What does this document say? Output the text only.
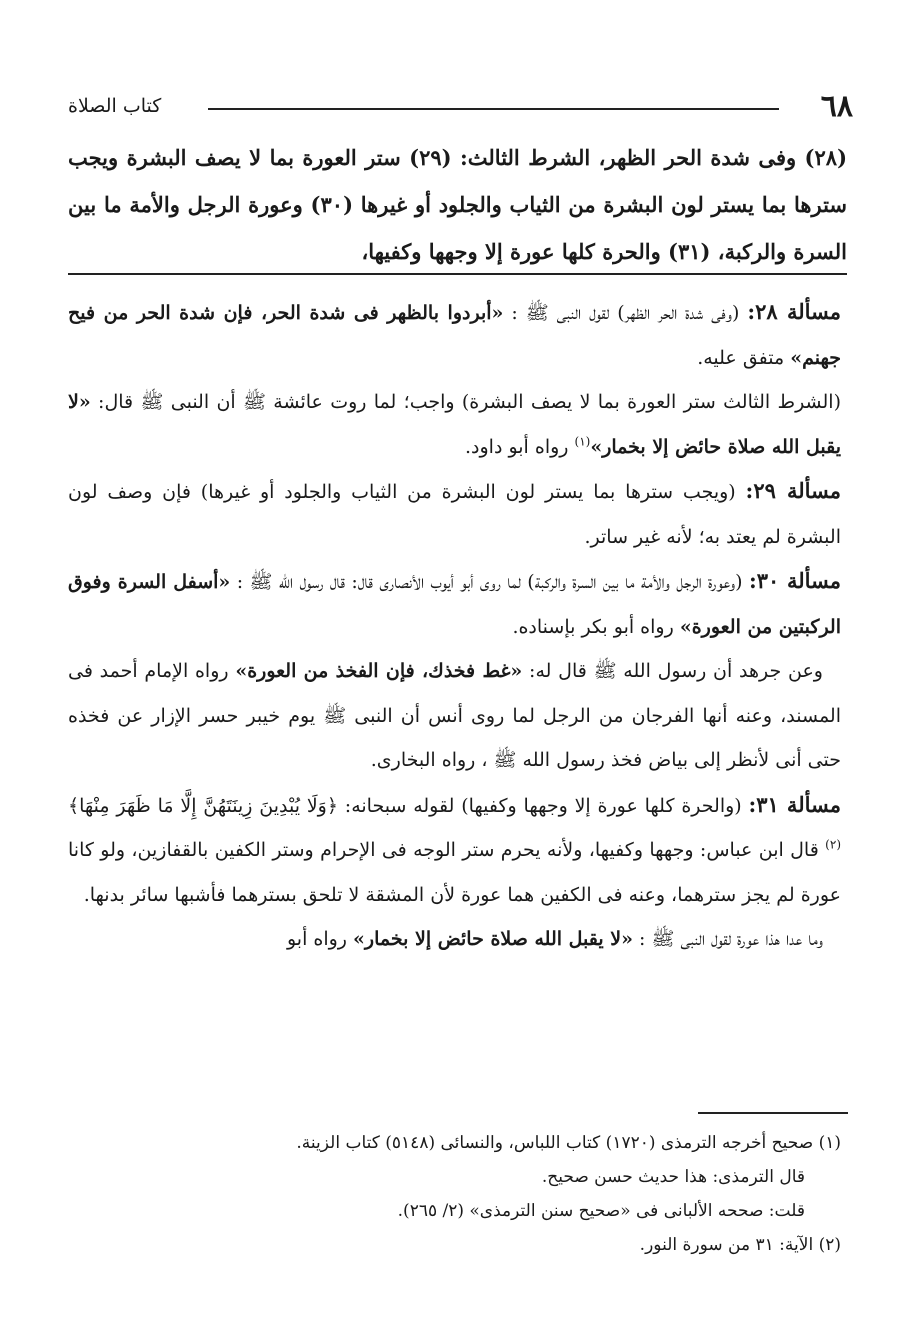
٦٨
كتاب الصلاة
(٢٨) وفى شدة الحر الظهر، الشرط الثالث: (٢٩) ستر العورة بما لا يصف البشرة ويجب سترها بما يستر لون البشرة من الثياب والجلود أو غيرها (٣٠) وعورة الرجل والأمة ما بين السرة والركبة، (٣١) والحرة كلها عورة إلا وجهها وكفيها،

مسألة ٢٨: (وفى شدة الحر الظهر) لقول النبى ﷺ : «أبردوا بالظهر فى شدة الحر، فإن شدة الحر من فيح جهنم» متفق عليه.

(الشرط الثالث ستر العورة بما لا يصف البشرة) واجب؛ لما روت عائشة ﷺ أن النبى ﷺ قال: «لا يقبل الله صلاة حائض إلا بخمار»$^{(١)}$ رواه أبو داود.

مسألة ٢٩: (ويجب سترها بما يستر لون البشرة من الثياب والجلود أو غيرها) فإن وصف لون البشرة لم يعتد به؛ لأنه غير ساتر.

مسألة ٣٠: (وعورة الرجل والأمة ما بين السرة والركبة) لما روى أبو أيوب الأنصارى قال: قال رسول الله ﷺ : «أسفل السرة وفوق الركبتين من العورة» رواه أبو بكر بإسناده.

وعن جرهد أن رسول الله ﷺ قال له: «غط فخذك، فإن الفخذ من العورة» رواه الإمام أحمد فى المسند، وعنه أنها الفرجان من الرجل لما روى أنس أن النبى ﷺ يوم خيبر حسر الإزار عن فخذه حتى أنى لأنظر إلى بياض فخذ رسول الله ﷺ ، رواه البخارى.

مسألة ٣١: (والحرة كلها عورة إلا وجهها وكفيها) لقوله سبحانه: ﴿وَلَا يُبْدِينَ زِينَتَهُنَّ إِلَّا مَا ظَهَرَ مِنْهَا﴾$^{(٢)}$ قال ابن عباس: وجهها وكفيها، ولأنه يحرم ستر الوجه فى الإحرام وستر الكفين بالقفازين، ولو كانا عورة لم يجز سترهما، وعنه فى الكفين هما عورة لأن المشقة لا تلحق بسترهما فأشبها سائر بدنها.

وما عدا هذا عورة لقول النبى ﷺ : «لا يقبل الله صلاة حائض إلا بخمار» رواه أبو

(١) صحيح أخرجه الترمذى (١٧٢٠) كتاب اللباس، والنسائى (٥١٤٨) كتاب الزينة.

قال الترمذى: هذا حديث حسن صحيح.

قلت: صححه الألبانى فى «صحيح سنن الترمذى» (٢/ ٢٦٥).

(٢) الآية: ٣١ من سورة النور.
